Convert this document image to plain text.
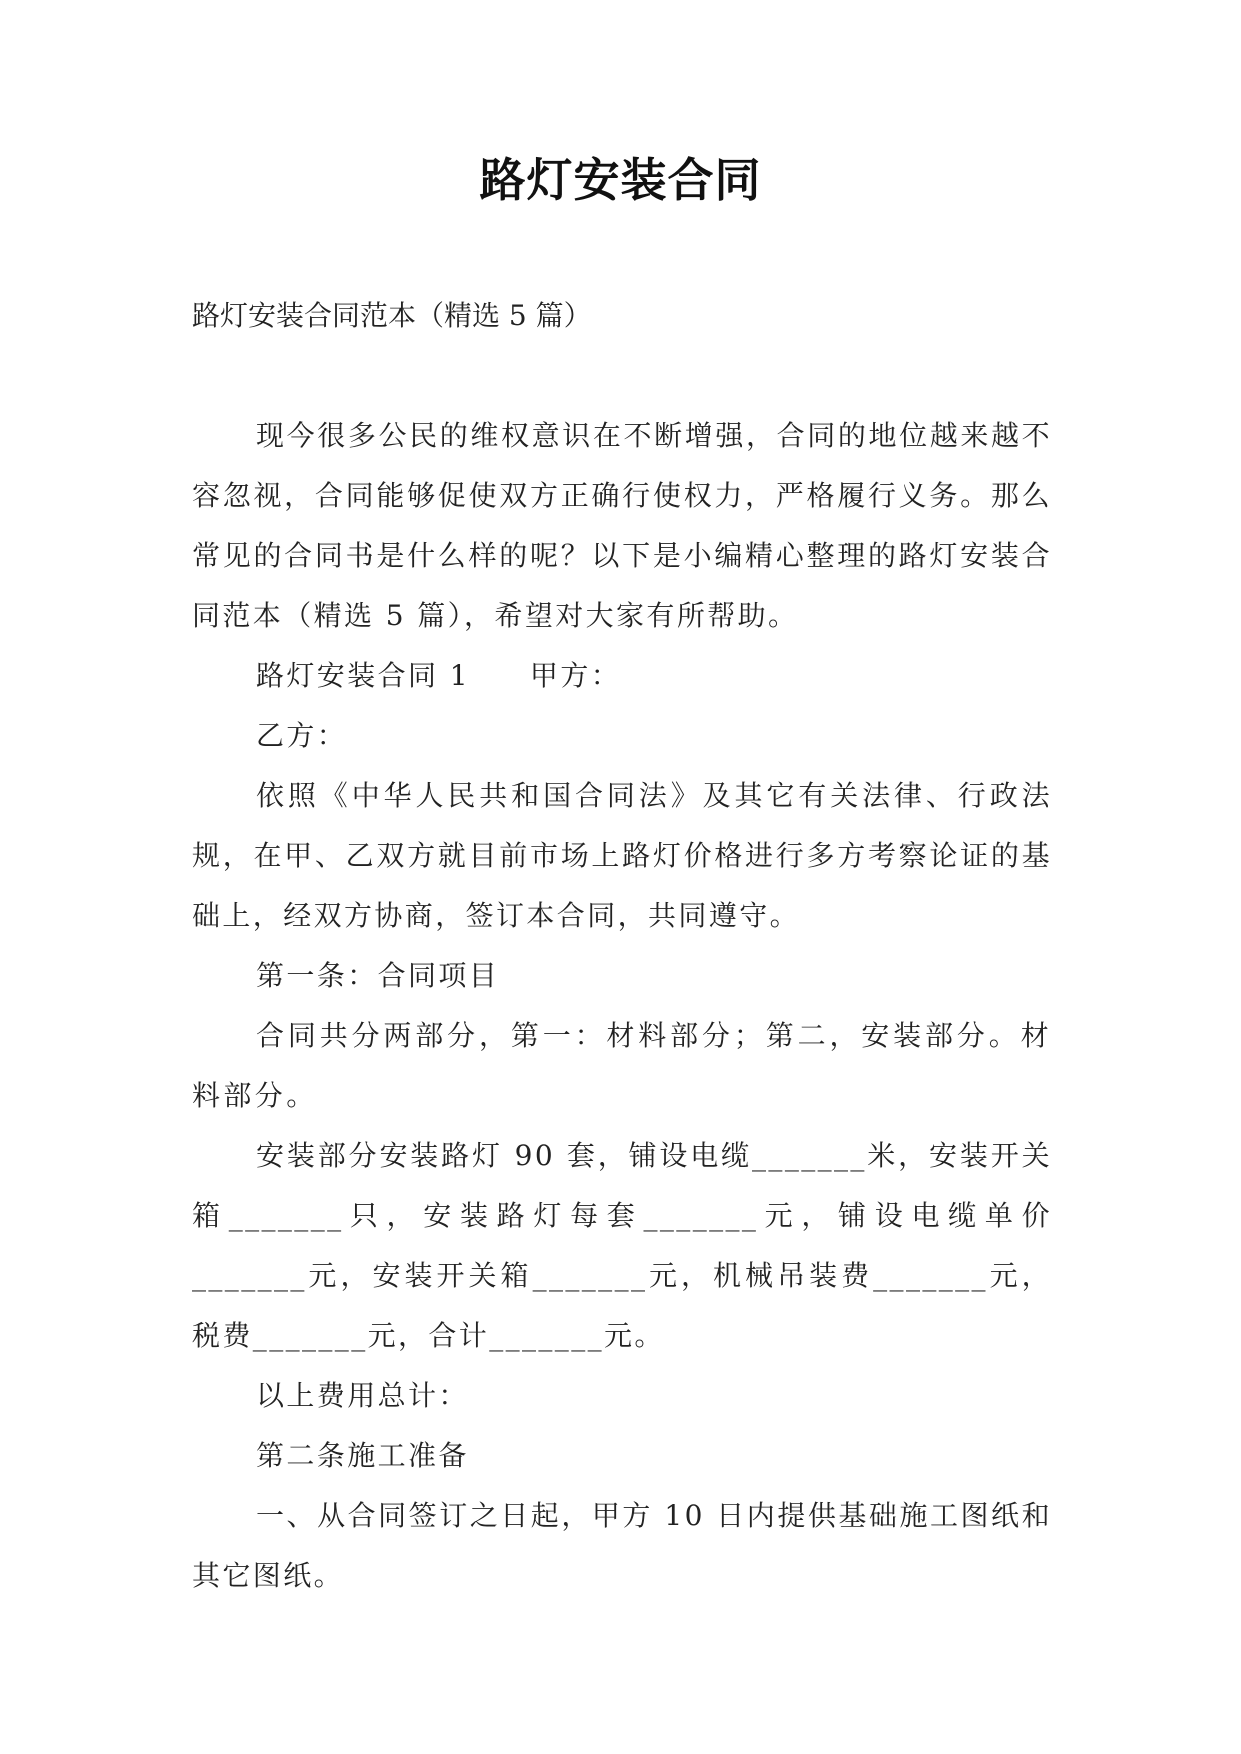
路灯安装合同
路灯安装合同范本（精选 5 篇）

现今很多公民的维权意识在不断增强，合同的地位越来越不容忽视，合同能够促使双方正确行使权力，严格履行义务。那么常见的合同书是什么样的呢？以下是小编精心整理的路灯安装合同范本（精选 5 篇），希望对大家有所帮助。

路灯安装合同 1 甲方：

乙方：

依照《中华人民共和国合同法》及其它有关法律、行政法规，在甲、乙双方就目前市场上路灯价格进行多方考察论证的基础上，经双方协商，签订本合同，共同遵守。

第一条：合同项目

合同共分两部分，第一：材料部分；第二，安装部分。材料部分。

安装部分安装路灯 90 套，铺设电缆_______米，安装开关箱_______只，安装路灯每套_______元，铺设电缆单价_______元，安装开关箱_______元，机械吊装费_______元，税费_______元，合计_______元。

以上费用总计：

第二条施工准备

一、从合同签订之日起，甲方 10 日内提供基础施工图纸和其它图纸。
